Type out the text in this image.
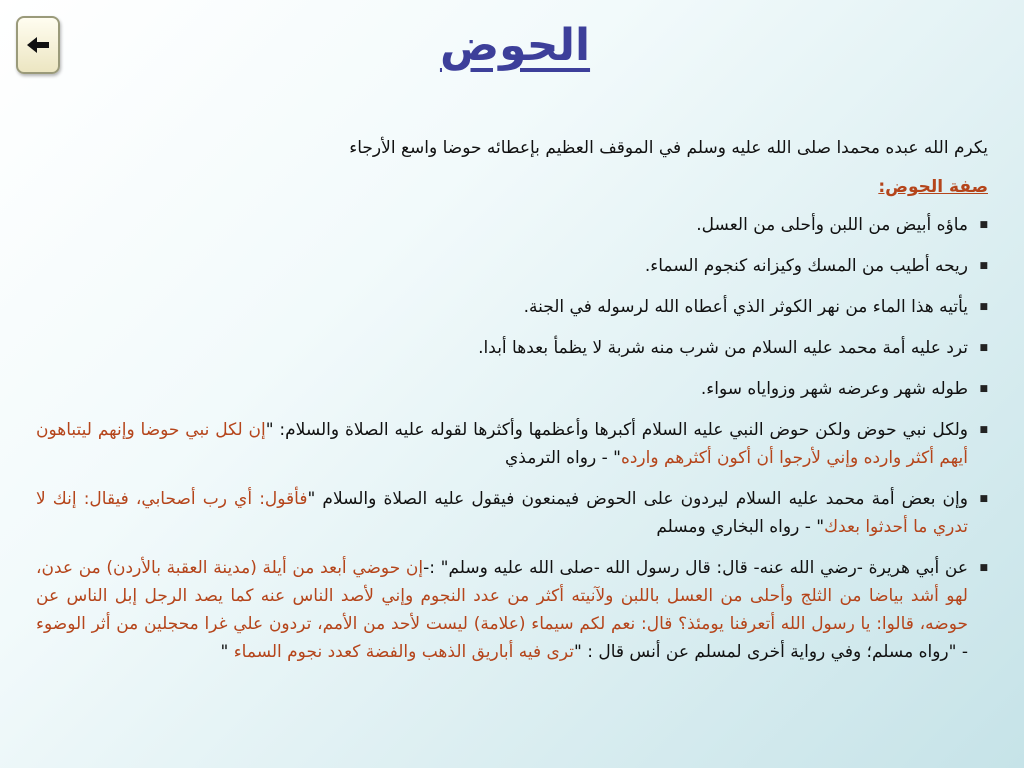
الحوض

يكرم الله عبده محمدا صلى الله عليه وسلم في الموقف العظيم بإعطائه حوضا واسع الأرجاء

صفة الحوض:

■ ماؤه أبيض من اللبن وأحلى من العسل.
■ ريحه أطيب من المسك وكيزانه كنجوم السماء.
■ يأتيه هذا الماء من نهر الكوثر الذي أعطاه الله لرسوله في الجنة.
■ ترد عليه أمة محمد عليه السلام من شرب منه شربة لا يظمأ بعدها أبدا.
■ طوله شهر وعرضه شهر وزواياه سواء.
■ ولكل نبي حوض ولكن حوض النبي عليه السلام أكبرها وأعظمها وأكثرها لقوله عليه الصلاة والسلام: "إن لكل نبي حوضا وإنهم ليتباهون أيهم أكثر وارده وإني لأرجوا أن أكون أكثرهم وارده" - رواه الترمذي
■ وإن بعض أمة محمد عليه السلام ليردون على الحوض فيمنعون فيقول عليه الصلاة والسلام "فأقول: أي رب أصحابي، فيقال: إنك لا تدري ما أحدثوا بعدك" - رواه البخاري ومسلم
■ عن أبي هريرة -رضي الله عنه- قال: قال رسول الله -صلى الله عليه وسلم" :-إن حوضي أبعد من أيلة (مدينة العقبة بالأردن) من عدن، لهو أشد بياضا من الثلج وأحلى من العسل باللبن ولآنيته أكثر من عدد النجوم وإني لأصد الناس عنه كما يصد الرجل إبل الناس عن حوضه، قالوا: يا رسول الله أتعرفنا يومئذ؟ قال: نعم لكم سيماء (علامة) ليست لأحد من الأمم، تردون علي غرا محجلين من أثر الوضوء - "رواه مسلم؛ وفي رواية أخرى لمسلم عن أنس قال : "ترى فيه أباريق الذهب والفضة كعدد نجوم السماء "
